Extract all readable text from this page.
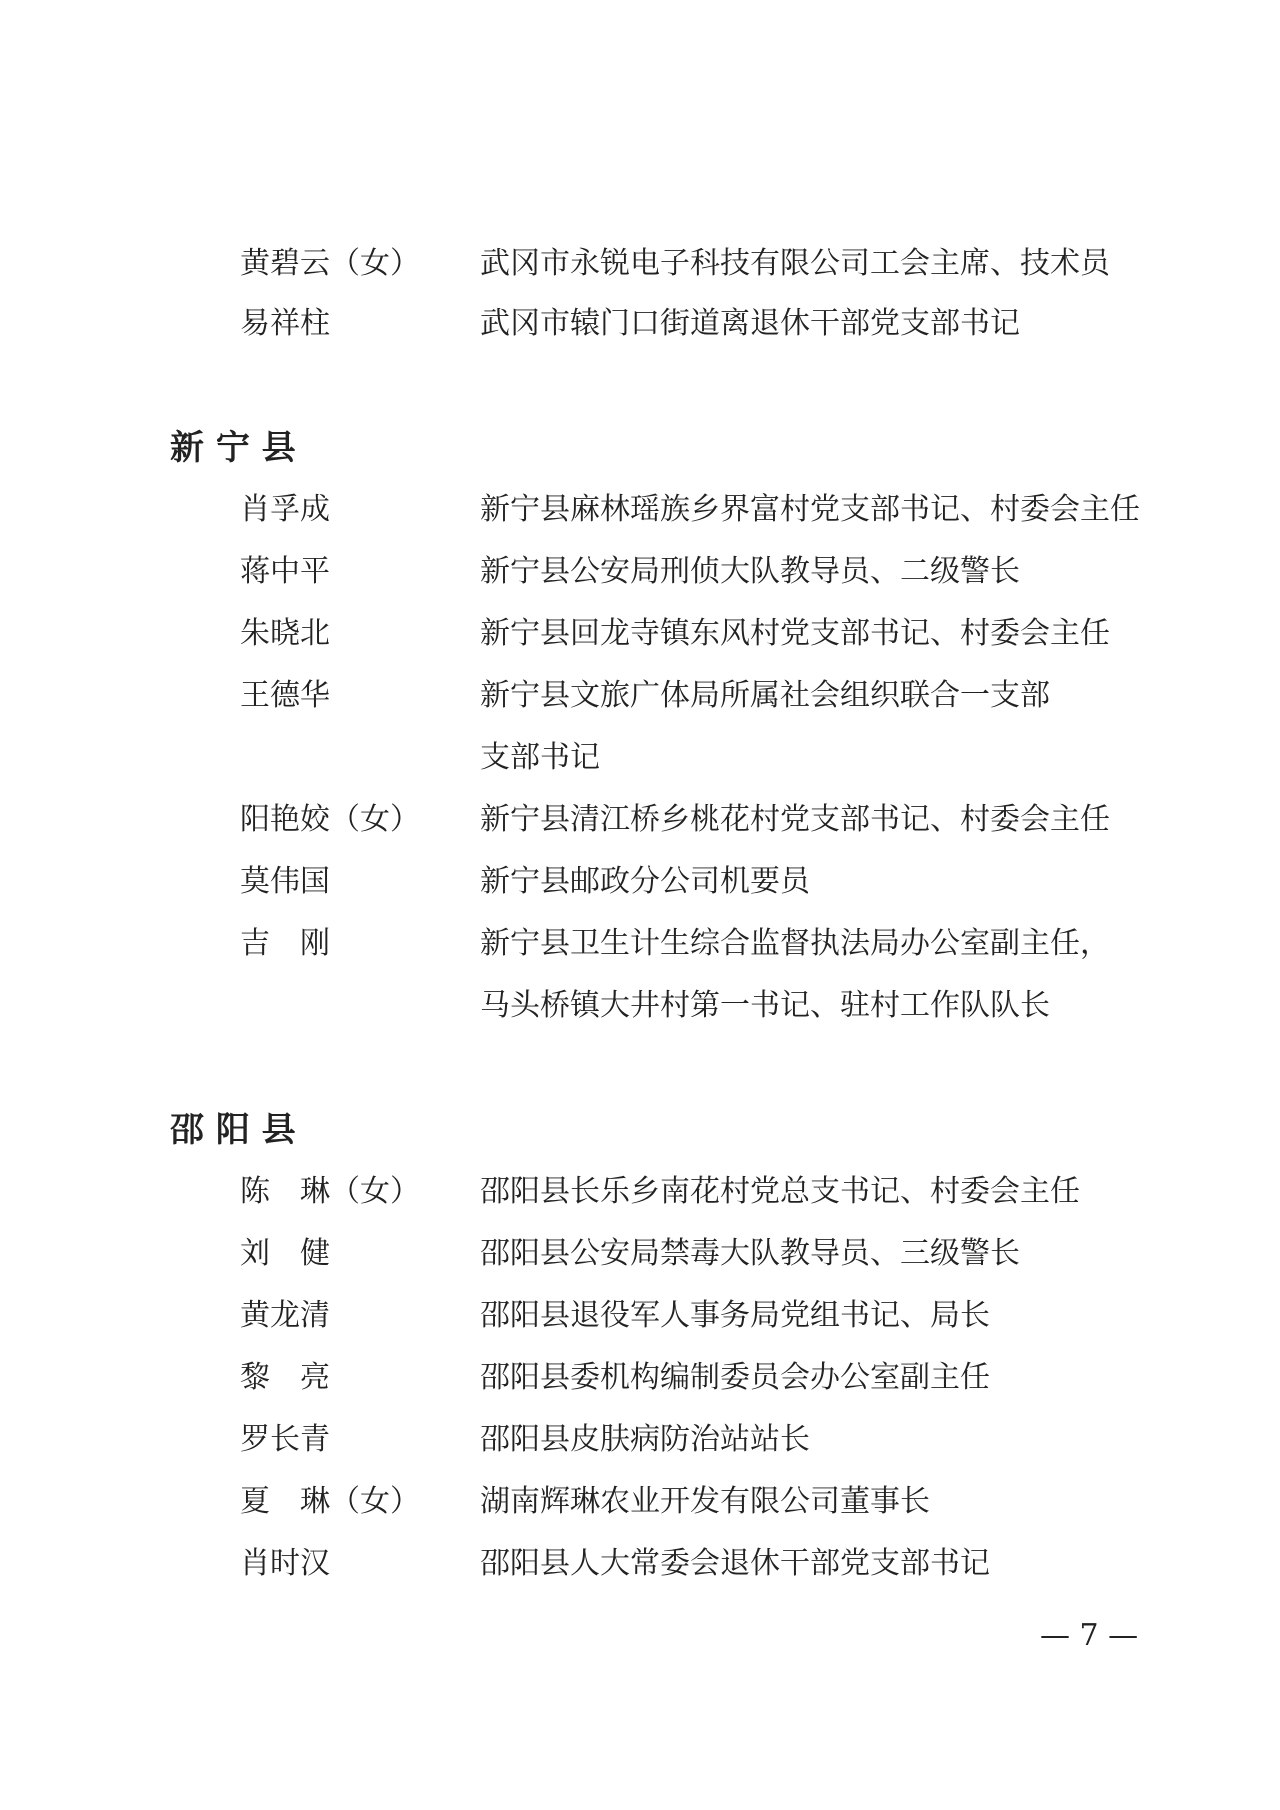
黄碧云（女） 武冈市永锐电子科技有限公司工会主席、技术员
易祥柱	武冈市辕门口街道离退休干部党支部书记
新 宁 县
肖孚成	新宁县麻林瑶族乡界富村党支部书记、村委会主任
蒋中平	新宁县公安局刑侦大队教导员、二级警长
朱晓北	新宁县回龙寺镇东风村党支部书记、村委会主任
王德华	新宁县文旅广体局所属社会组织联合一支部
支部书记
阳艳姣（女） 新宁县清江桥乡桃花村党支部书记、村委会主任
莫伟国	新宁县邮政分公司机要员
吉　刚	新宁县卫生计生综合监督执法局办公室副主任，
马头桥镇大井村第一书记、驻村工作队队长
邵 阳 县
陈　琳（女） 邵阳县长乐乡南花村党总支书记、村委会主任
刘　健	邵阳县公安局禁毒大队教导员、三级警长
黄龙清	邵阳县退役军人事务局党组书记、局长
黎　亮	邵阳县委机构编制委员会办公室副主任
罗长青	邵阳县皮肤病防治站站长
夏　琳（女） 湖南辉琳农业开发有限公司董事长
肖时汉	邵阳县人大常委会退休干部党支部书记
— 7 —
